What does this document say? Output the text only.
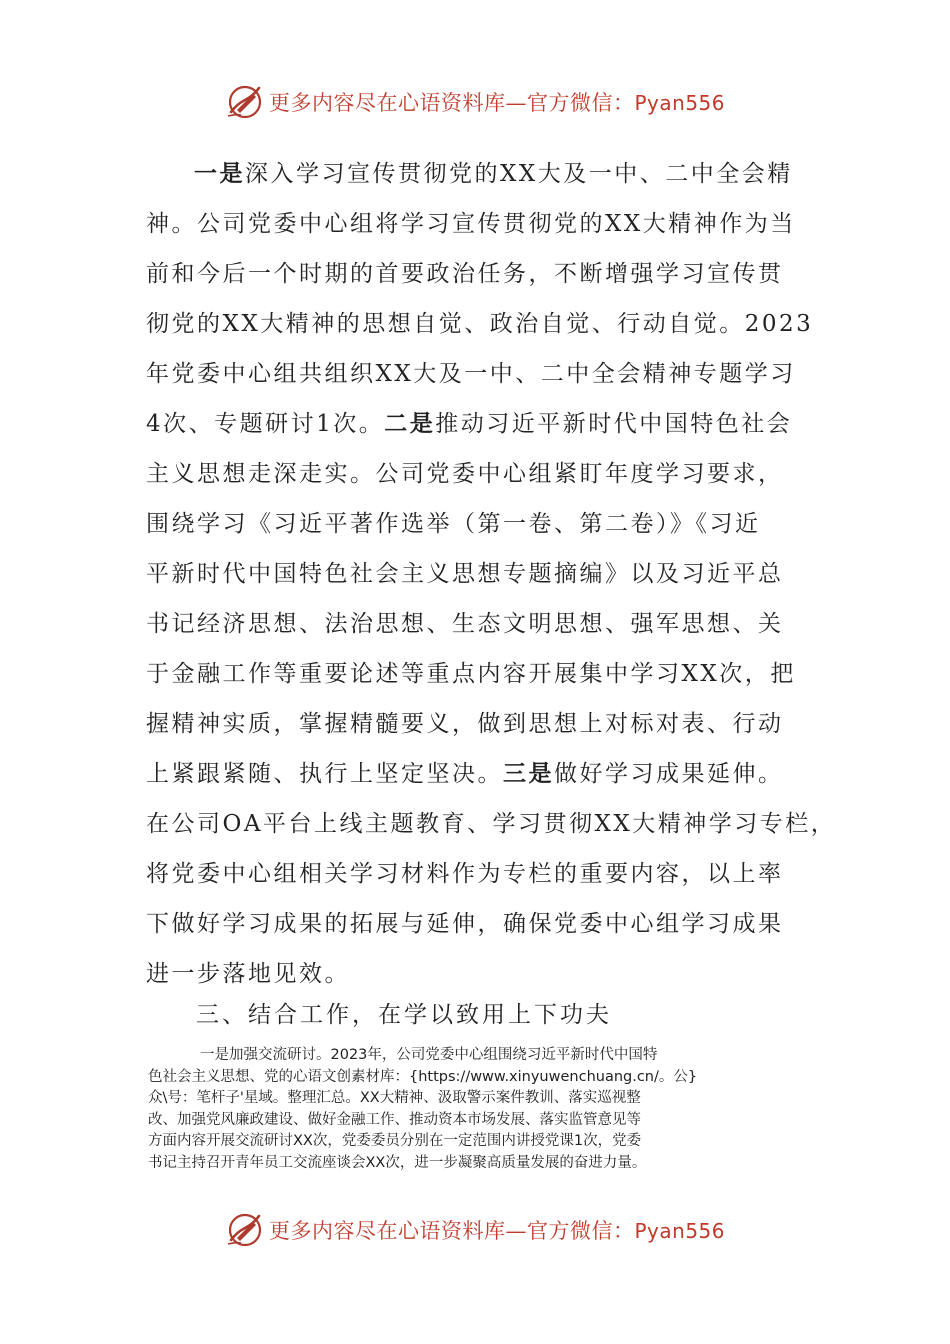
更多内容尽在心语资料库—官方微信：Pyan556
一是深入学习宣传贯彻党的XX大及一中、二中全会精
神。公司党委中心组将学习宣传贯彻党的XX大精神作为当
前和今后一个时期的首要政治任务，不断增强学习宣传贯
彻党的XX大精神的思想自觉、政治自觉、行动自觉。2023
年党委中心组共组织XX大及一中、二中全会精神专题学习
4次、专题研讨1次。二是推动习近平新时代中国特色社会
主义思想走深走实。公司党委中心组紧盯年度学习要求，
围绕学习《习近平著作选举（第一卷、第二卷）》《习近
平新时代中国特色社会主义思想专题摘编》以及习近平总
书记经济思想、法治思想、生态文明思想、强军思想、关
于金融工作等重要论述等重点内容开展集中学习XX次，把
握精神实质，掌握精髓要义，做到思想上对标对表、行动
上紧跟紧随、执行上坚定坚决。三是做好学习成果延伸。
在公司OA平台上线主题教育、学习贯彻XX大精神学习专栏，
将党委中心组相关学习材料作为专栏的重要内容，以上率
下做好学习成果的拓展与延伸，确保党委中心组学习成果
进一步落地见效。
三、结合工作，在学以致用上下功夫
一是加强交流研讨。2023年，公司党委中心组围绕习近平新时代中国特
色社会主义思想、党的心语文创素材库：{https://www.xinyuwenchuang.cn/。公}
众\号：笔杆子'星域。整理汇总。XX大精神、汲取警示案件教训、落实巡视整
改、加强党风廉政建设、做好金融工作、推动资本市场发展、落实监管意见等
方面内容开展交流研讨XX次，党委委员分别在一定范围内讲授党课1次，党委
书记主持召开青年员工交流座谈会XX次，进一步凝聚高质量发展的奋进力量。
更多内容尽在心语资料库—官方微信：Pyan556
